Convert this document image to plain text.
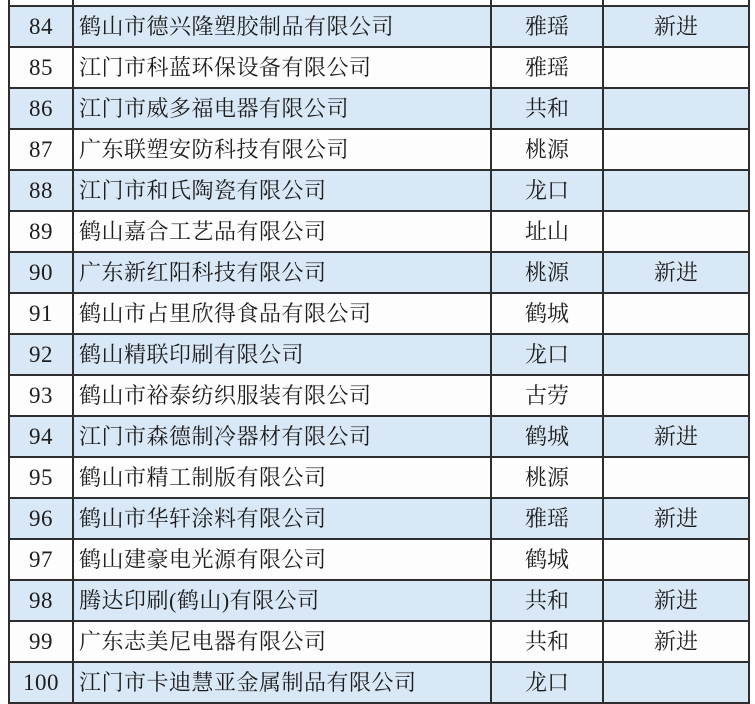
84	鹤山市德兴隆塑胶制品有限公司	雅瑶	新进
85	江门市科蓝环保设备有限公司	雅瑶
86	江门市威多福电器有限公司	共和
87	广东联塑安防科技有限公司	桃源
88	江门市和氏陶瓷有限公司	龙口
89	鹤山嘉合工艺品有限公司	址山
90	广东新红阳科技有限公司	桃源	新进
91	鹤山市占里欣得食品有限公司	鹤城
92	鹤山精联印刷有限公司	龙口
93	鹤山市裕泰纺织服装有限公司	古劳
94	江门市森德制冷器材有限公司	鹤城	新进
95	鹤山市精工制版有限公司	桃源
96	鹤山市华轩涂料有限公司	雅瑶	新进
97	鹤山建豪电光源有限公司	鹤城
98	腾达印刷(鹤山)有限公司	共和	新进
99	广东志美尼电器有限公司	共和	新进
100 江门市卡迪慧亚金属制品有限公司	龙口
